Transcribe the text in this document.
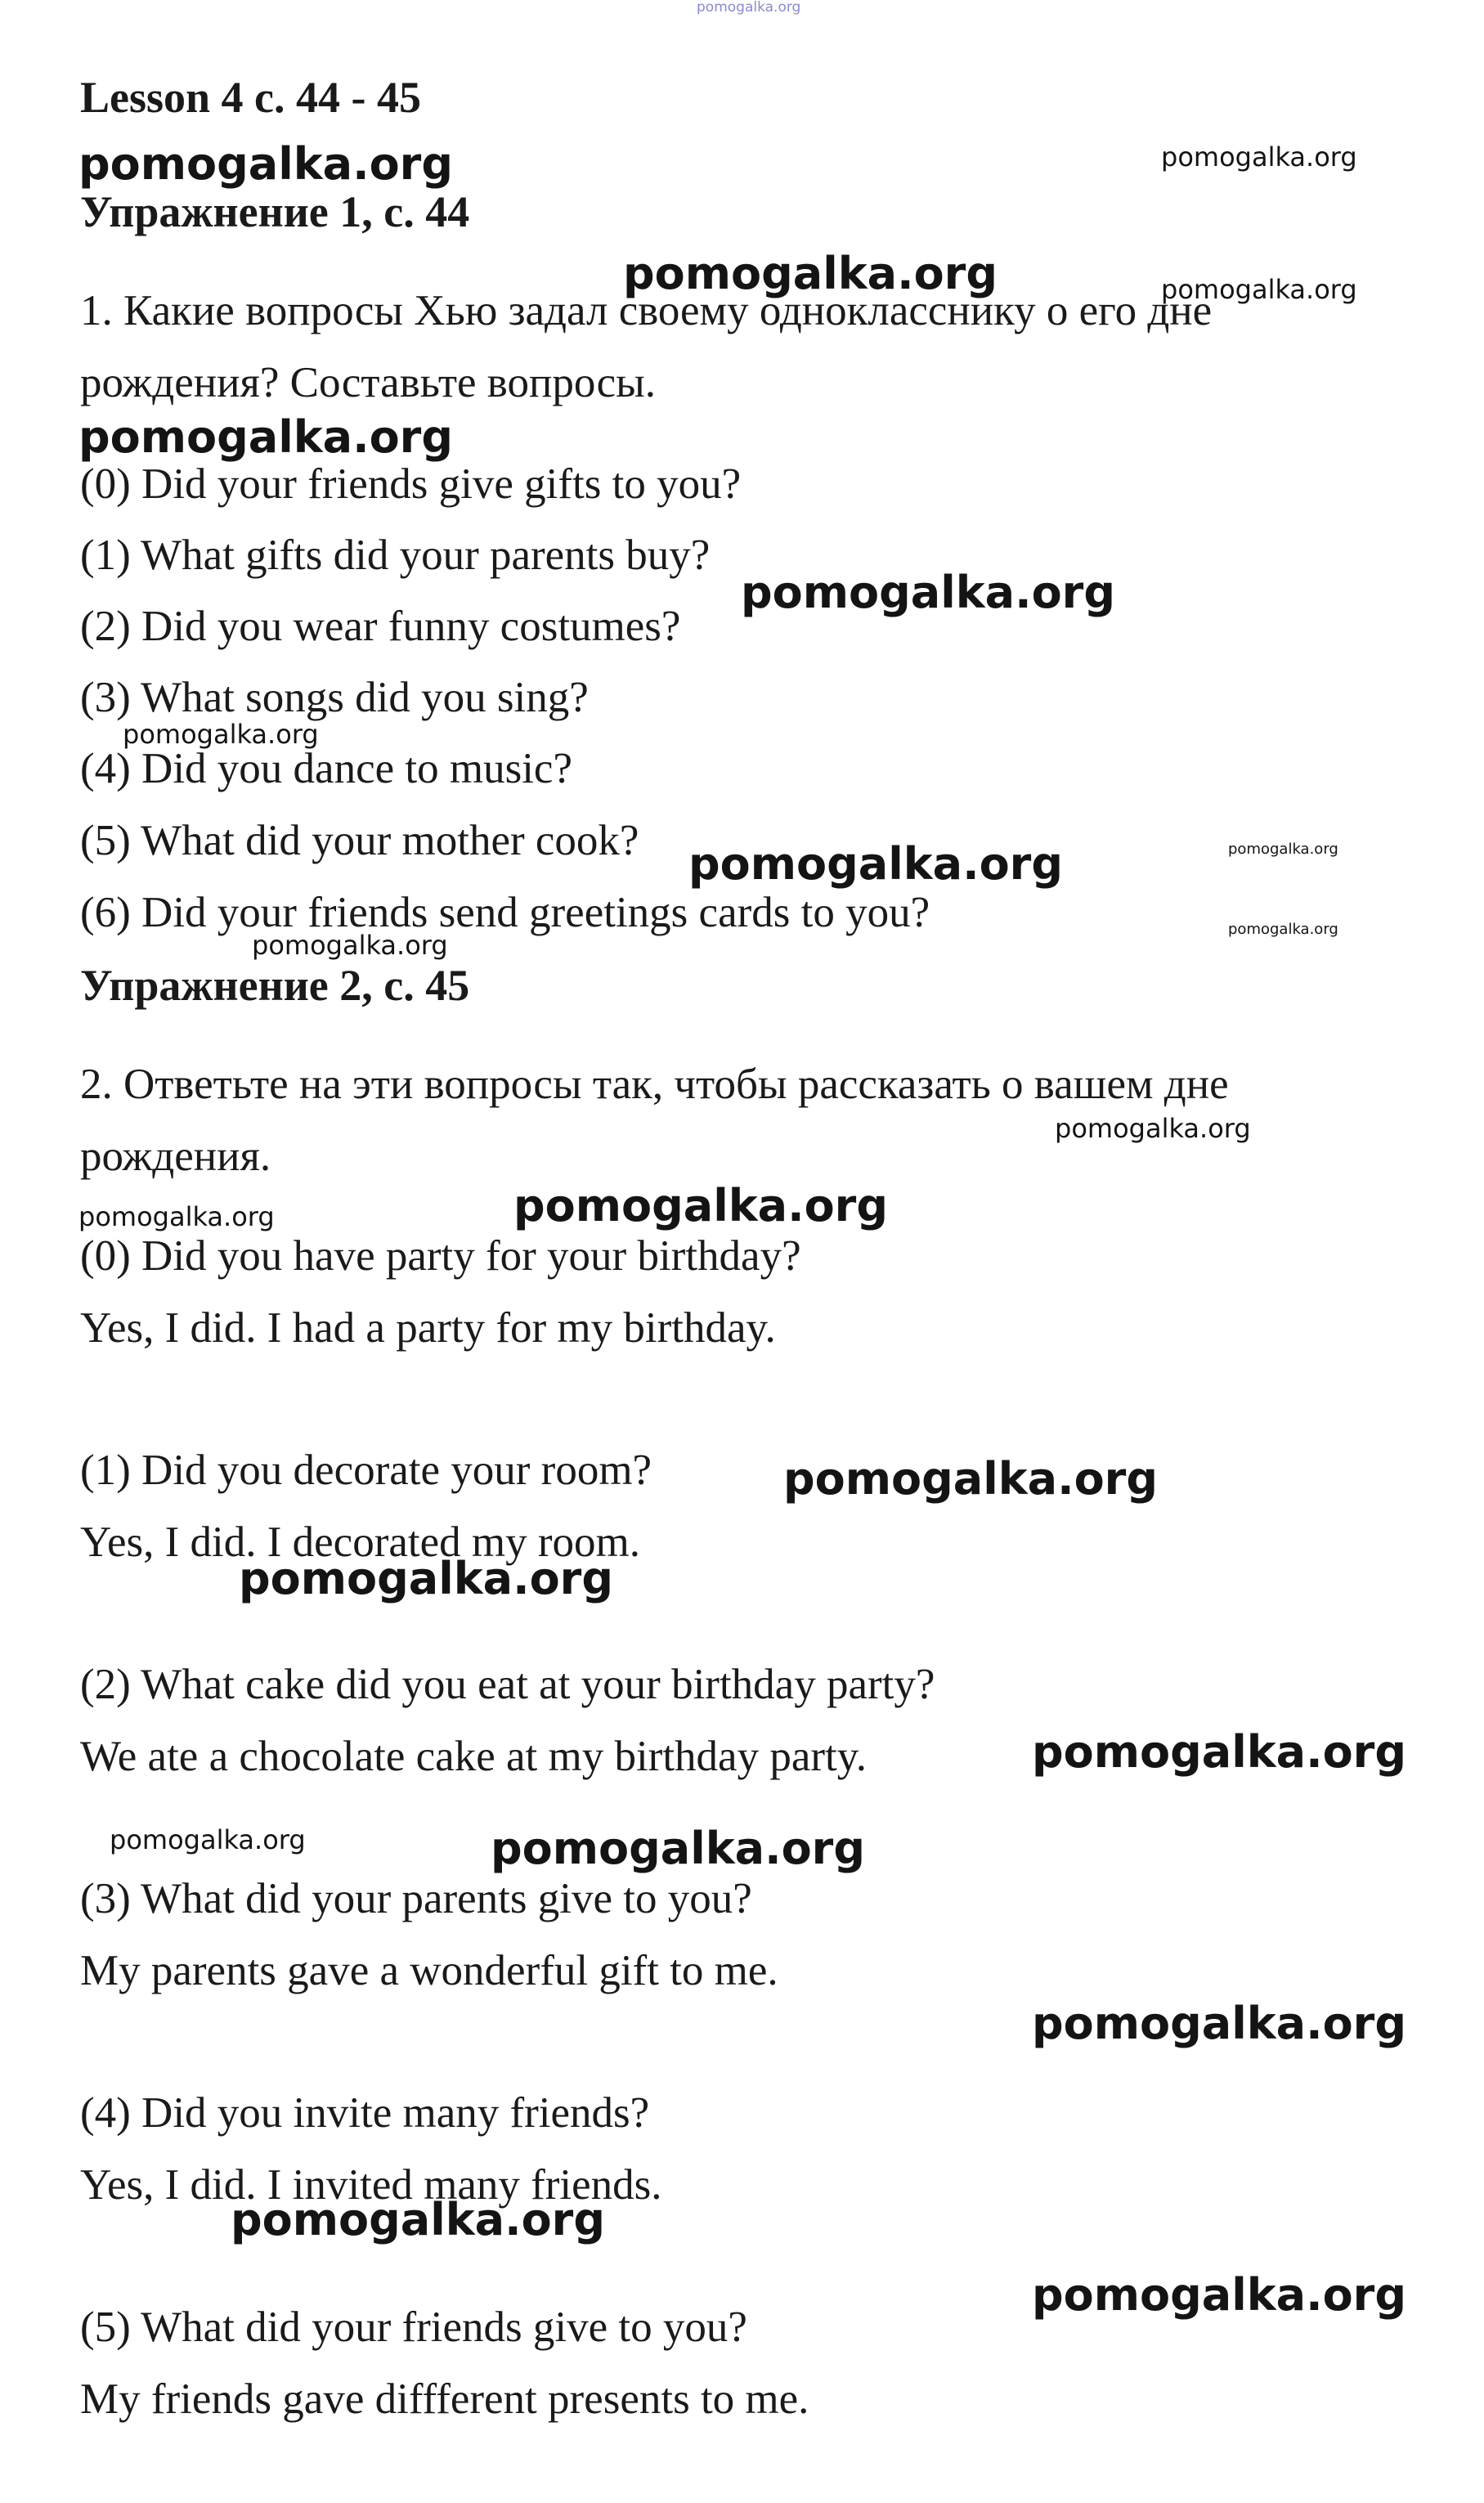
pomogalka.org
pomogalka.org	pomogalka.org
pomogalka.org	pomogalka.org
pomogalka.org
pomogalka.org
pomogalka.org
pomogalka.org	pomogalka.org
pomogalka.org
pomogalka.org
pomogalka.org
pomogalka.org	pomogalka.org
pomogalka.org
pomogalka.org
pomogalka.org
pomogalka.org	pomogalka.org
pomogalka.org
pomogalka.org
pomogalka.org
Lesson 4 с. 44 - 45
Упражнение 1, с. 44
1. Какие вопросы Хью задал своему однокласснику о его дне
рождения? Составьте вопросы.
(0) Did your friends give gifts to you?
(1) What gifts did your parents buy?
(2) Did you wear funny costumes?
(3) What songs did you sing?
(4) Did you dance to music?
(5) What did your mother cook?
(6) Did your friends send greetings cards to you?
Упражнение 2, с. 45
2. Ответьте на эти вопросы так, чтобы рассказать о вашем дне
рождения.
(0) Did you have party for your birthday?
Yes, I did. I had a party for my birthday.
(1) Did you decorate your room?
Yes, I did. I decorated my room.
(2) What cake did you eat at your birthday party?
We ate a chocolate cake at my birthday party.
(3) What did your parents give to you?
My parents gave a wonderful gift to me.
(4) Did you invite many friends?
Yes, I did. I invited many friends.
(5) What did your friends give to you?
My friends gave diffferent presents to me.
